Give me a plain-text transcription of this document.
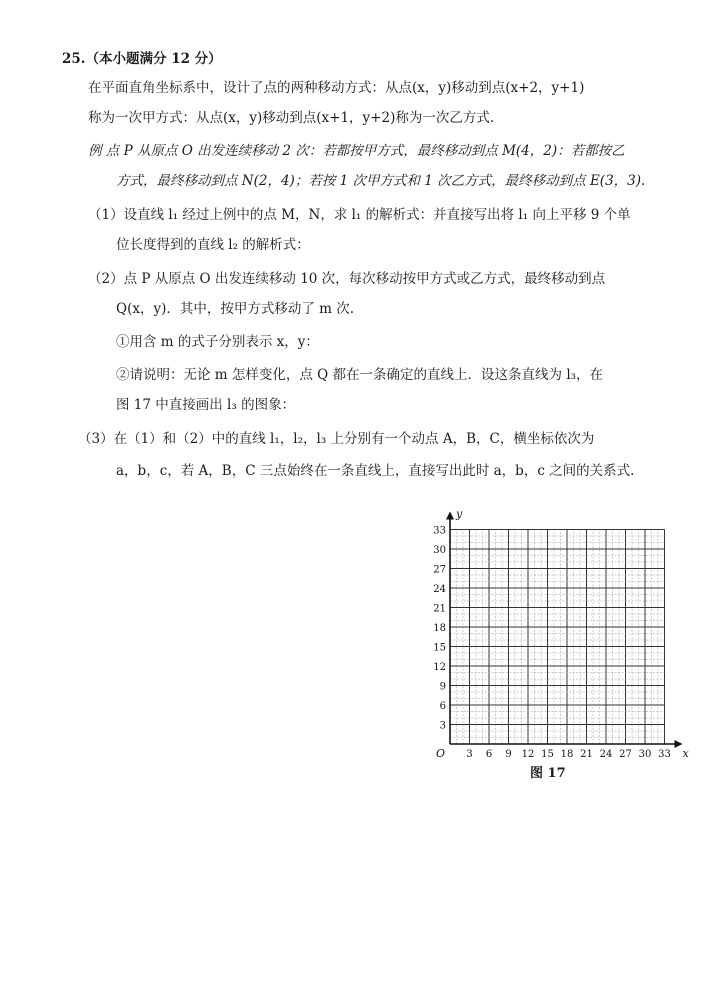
25.（本小题满分 12 分）
在平面直角坐标系中，设计了点的两种移动方式：从点(x，y)移动到点(x+2，y+1)
称为一次甲方式：从点(x，y)移动到点(x+1，y+2)称为一次乙方式.
例 点 P 从原点 O 出发连续移动 2 次：若都按甲方式，最终移动到点 M(4，2)：若都按乙
方式，最终移动到点 N(2，4)；若按 1 次甲方式和 1 次乙方式，最终移动到点 E(3，3).
（1）设直线 l₁ 经过上例中的点 M，N，求 l₁ 的解析式：并直接写出将 l₁ 向上平移 9 个单
位长度得到的直线 l₂ 的解析式：
（2）点 P 从原点 O 出发连续移动 10 次，每次移动按甲方式或乙方式，最终移动到点
Q(x，y)．其中，按甲方式移动了 m 次.
①用含 m 的式子分别表示 x，y：
②请说明：无论 m 怎样变化，点 Q 都在一条确定的直线上．设这条直线为 l₃，在
图 17 中直接画出 l₃ 的图象：
（3）在（1）和（2）中的直线 l₁，l₂，l₃ 上分别有一个动点 A，B，C，横坐标依次为
a，b，c，若 A，B，C 三点始终在一条直线上，直接写出此时 a，b，c 之间的关系式.
3 6 9 12 15 18 21 24 27 30 33
3
6
9
12
15
18
21
24
27
30
33
O	x
y
图 17
